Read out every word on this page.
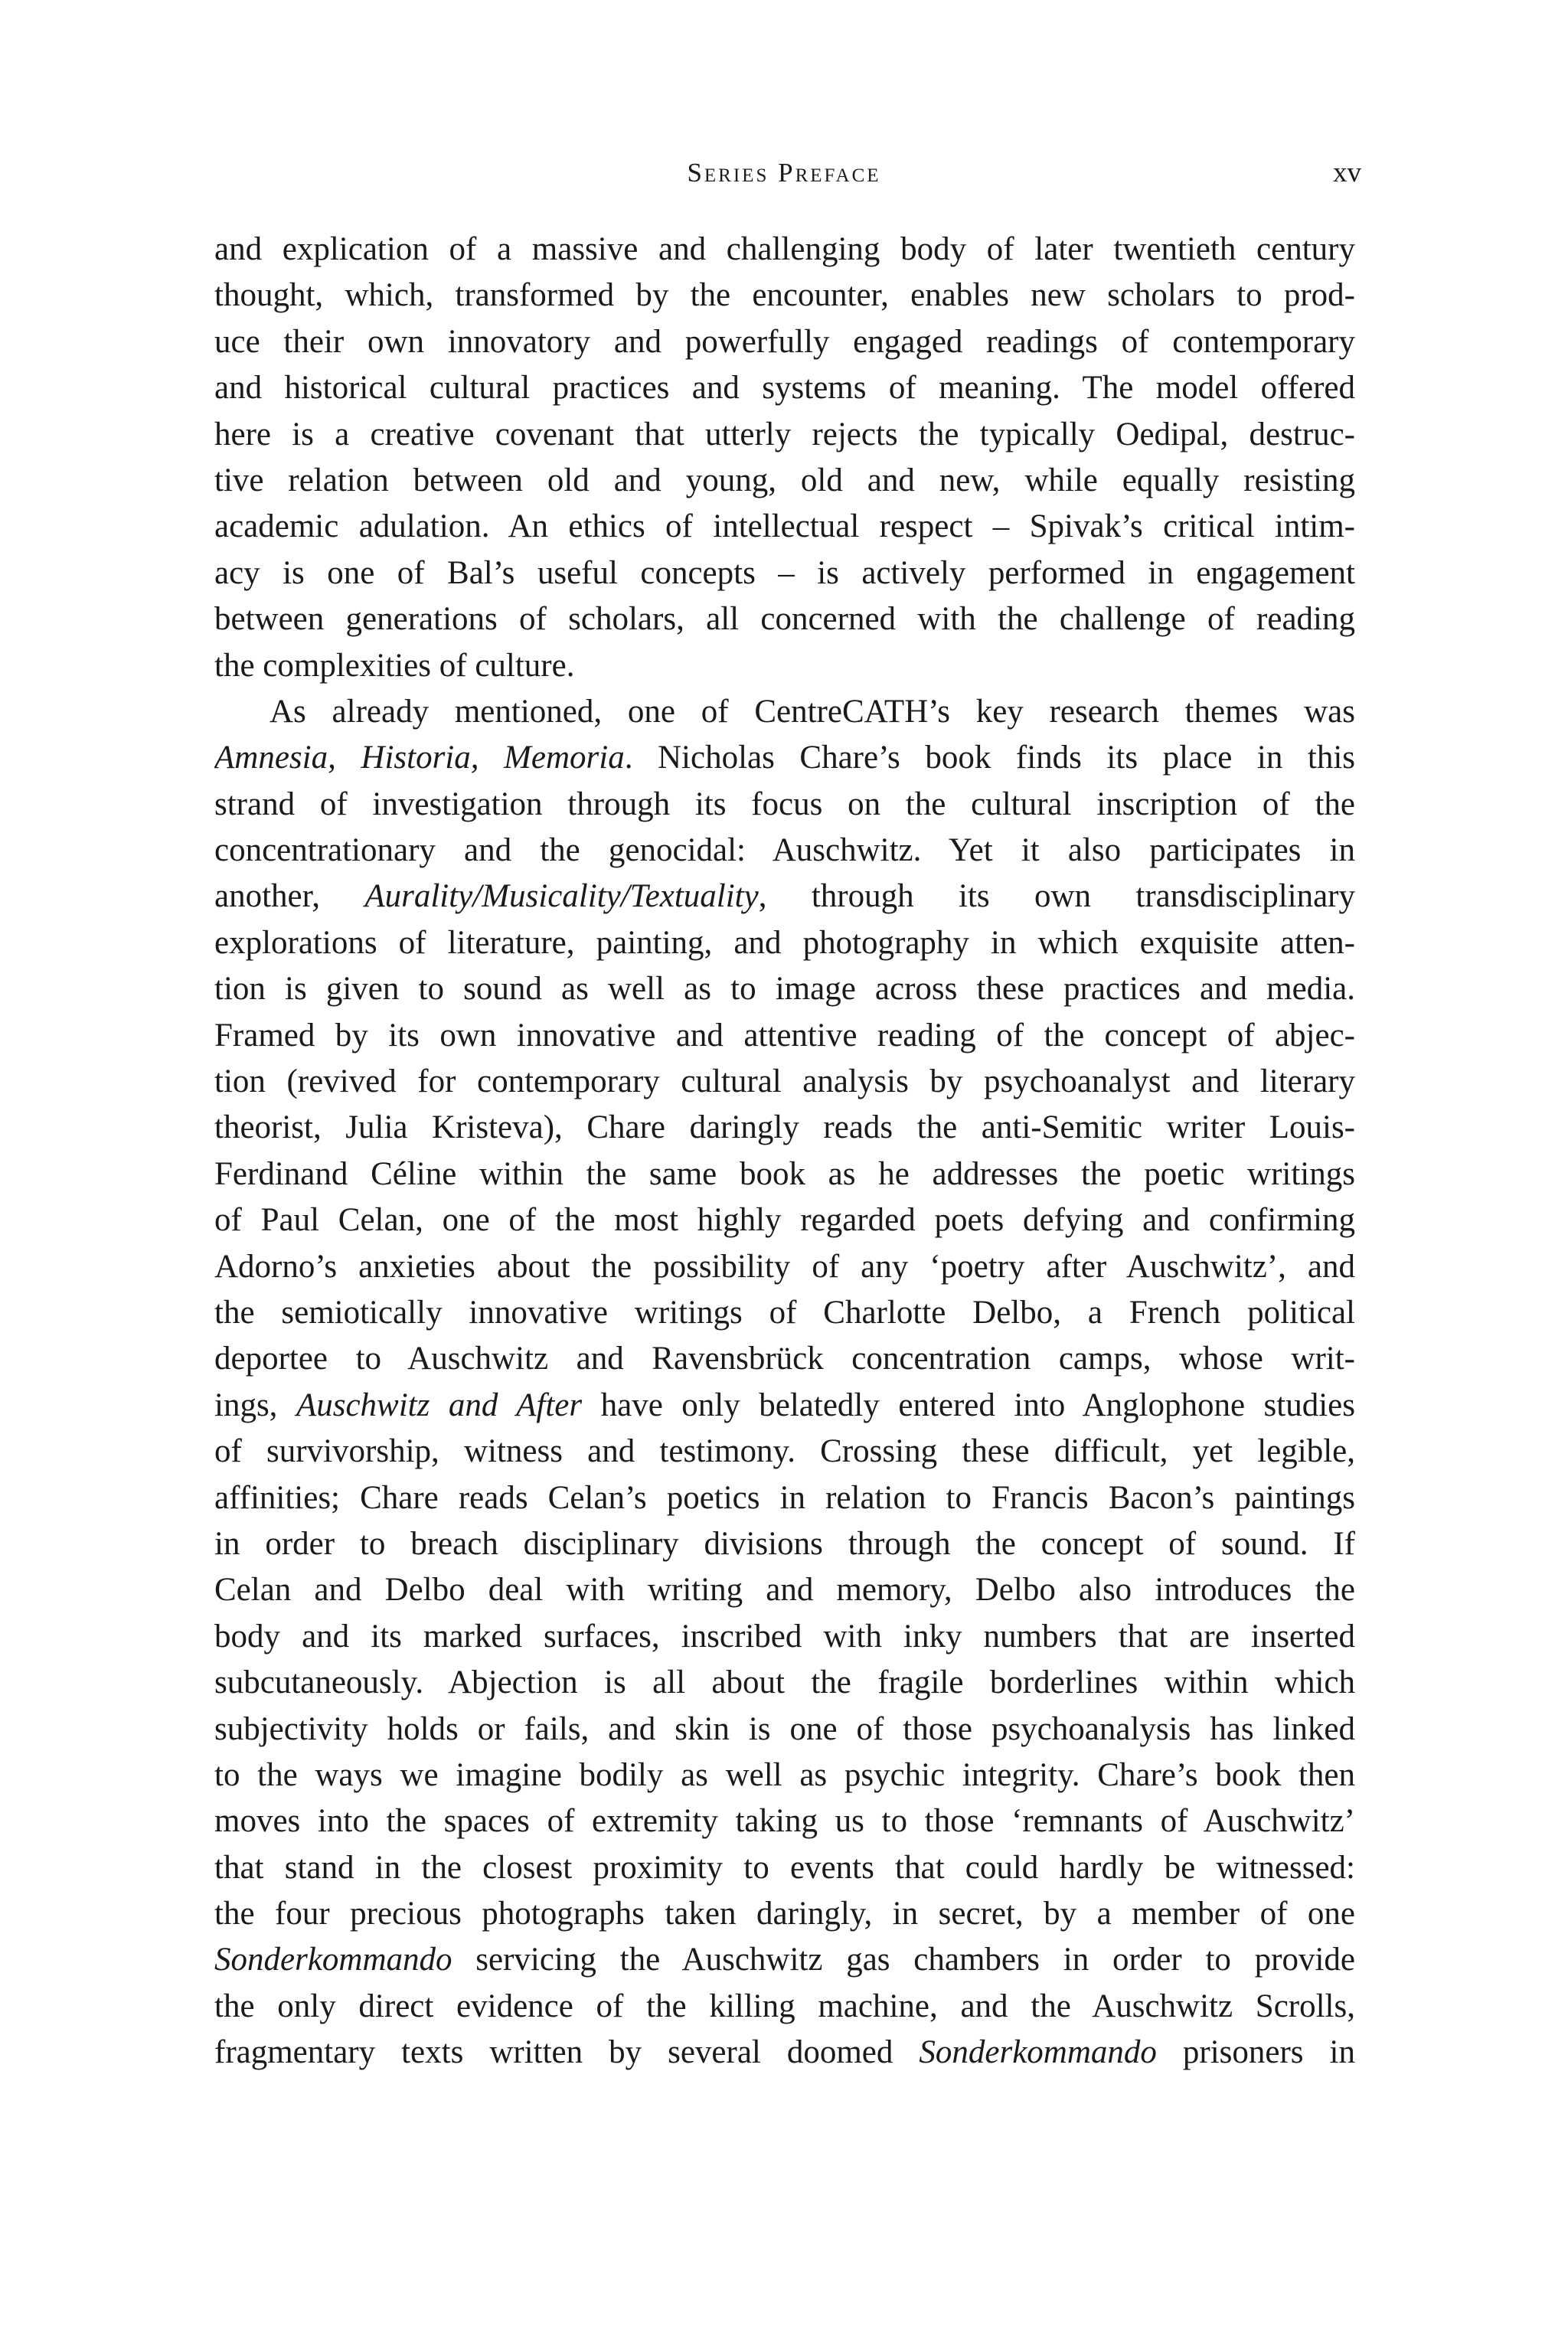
Series Preface	xv
and explication of a massive and challenging body of later twentieth century
thought, which, transformed by the encounter, enables new scholars to prod-
uce their own innovatory and powerfully engaged readings of contemporary
and historical cultural practices and systems of meaning. The model offered
here is a creative covenant that utterly rejects the typically Oedipal, destruc-
tive relation between old and young, old and new, while equally resisting
academic adulation. An ethics of intellectual respect – Spivak’s critical intim-
acy is one of Bal’s useful concepts – is actively performed in engagement
between generations of scholars, all concerned with the challenge of reading
the complexities of culture.
As already mentioned, one of CentreCATH’s key research themes was
Amnesia, Historia, Memoria. Nicholas Chare’s book finds its place in this
strand of investigation through its focus on the cultural inscription of the
concentrationary and the genocidal: Auschwitz. Yet it also participates in
another, Aurality/Musicality/Textuality, through its own transdisciplinary
explorations of literature, painting, and photography in which exquisite atten-
tion is given to sound as well as to image across these practices and media.
Framed by its own innovative and attentive reading of the concept of abjec-
tion (revived for contemporary cultural analysis by psychoanalyst and literary
theorist, Julia Kristeva), Chare daringly reads the anti-Semitic writer Louis-
Ferdinand Céline within the same book as he addresses the poetic writings
of Paul Celan, one of the most highly regarded poets defying and confirming
Adorno’s anxieties about the possibility of any ‘poetry after Auschwitz’, and
the semiotically innovative writings of Charlotte Delbo, a French political
deportee to Auschwitz and Ravensbrück concentration camps, whose writ-
ings, Auschwitz and After have only belatedly entered into Anglophone studies
of survivorship, witness and testimony. Crossing these difficult, yet legible,
affinities; Chare reads Celan’s poetics in relation to Francis Bacon’s paintings
in order to breach disciplinary divisions through the concept of sound. If
Celan and Delbo deal with writing and memory, Delbo also introduces the
body and its marked surfaces, inscribed with inky numbers that are inserted
subcutaneously. Abjection is all about the fragile borderlines within which
subjectivity holds or fails, and skin is one of those psychoanalysis has linked
to the ways we imagine bodily as well as psychic integrity. Chare’s book then
moves into the spaces of extremity taking us to those ‘remnants of Auschwitz’
that stand in the closest proximity to events that could hardly be witnessed:
the four precious photographs taken daringly, in secret, by a member of one
Sonderkommando servicing the Auschwitz gas chambers in order to provide
the only direct evidence of the killing machine, and the Auschwitz Scrolls,
fragmentary texts written by several doomed Sonderkommando prisoners in
